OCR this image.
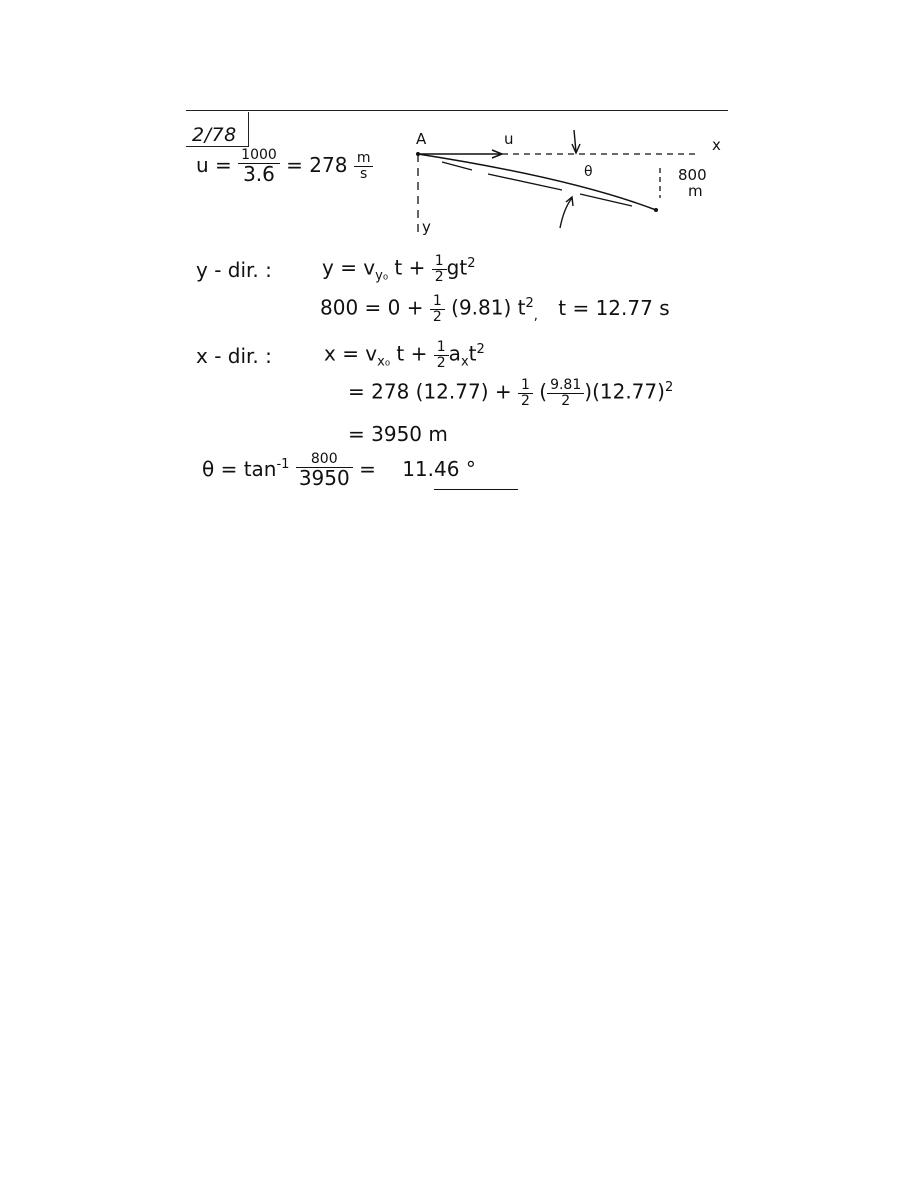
2/78
$u = \frac{1000}{3.6} = 278 \frac{m}{s}$
A	u	x
y
θ	800
m
y - dir. :	$y = v_{y_0}$ $t + \frac{1}{2} gt^2$
$800 = 0 + \frac{1}{2} (9.81)$ $t^2_,$ t = 12.77 s
x - dir. :	$x = v_{x_0}$ $t + \frac{1}{2} a_xt^2$
= 278 $(12.77) + \frac{1}{2}$ ( $\frac{9.81}{2} )(12.77)^2$
= 3950 m
$\theta = \tan^{-1} \frac{800}{3950} = 11.46$ °
